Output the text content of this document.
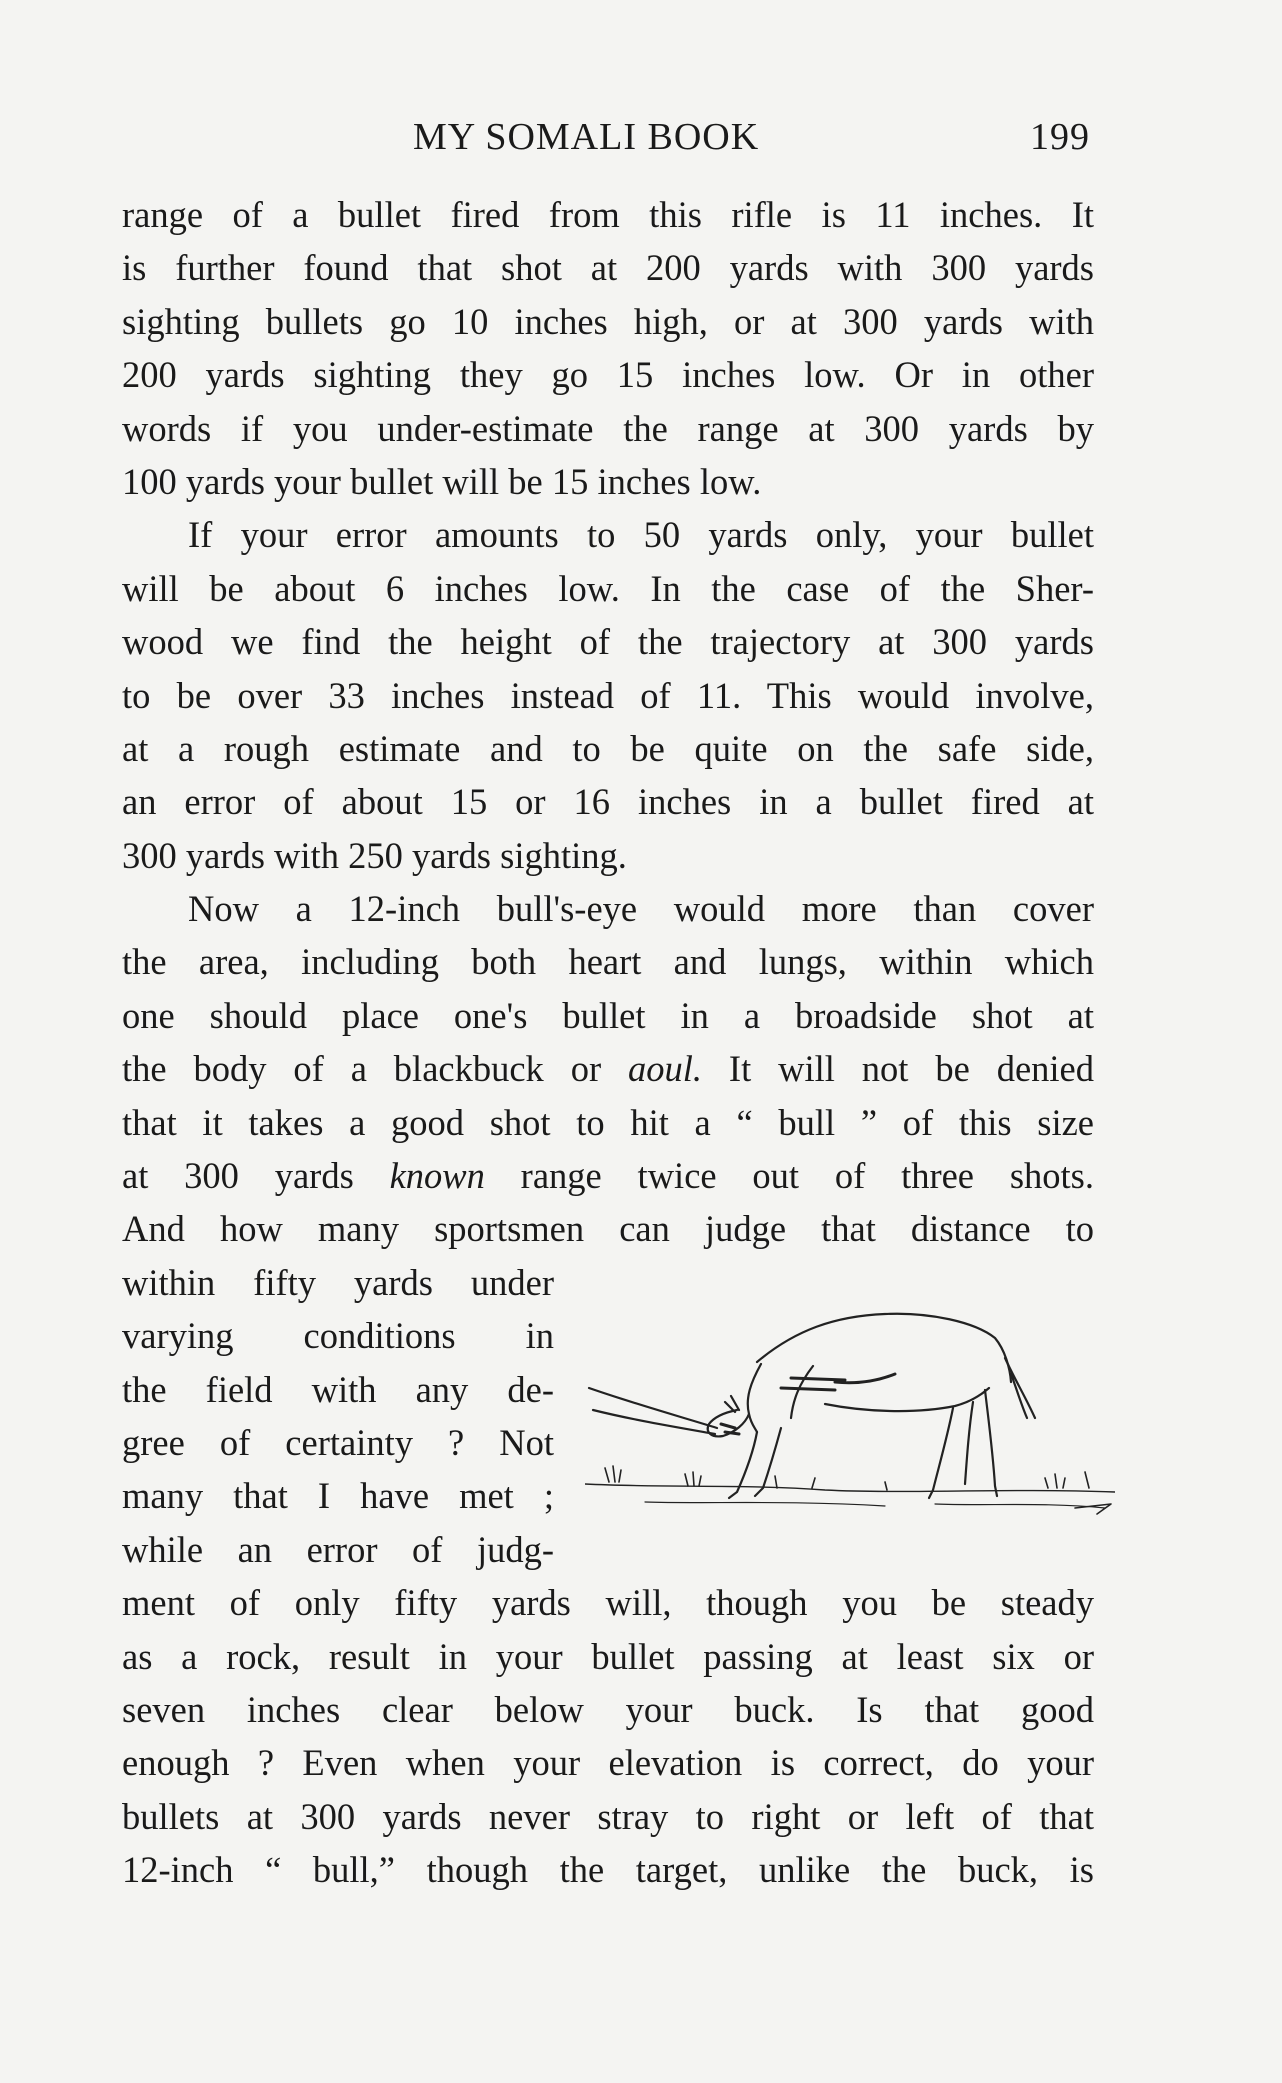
MY SOMALI BOOK	199
range of a bullet fired from this rifle is 11 inches. It
is further found that shot at 200 yards with 300 yards
sighting bullets go 10 inches high, or at 300 yards with
200 yards sighting they go 15 inches low. Or in other
words if you under-estimate the range at 300 yards by
100 yards your bullet will be 15 inches low.
If your error amounts to 50 yards only, your bullet
will be about 6 inches low. In the case of the Sher-
wood we find the height of the trajectory at 300 yards
to be over 33 inches instead of 11. This would involve,
at a rough estimate and to be quite on the safe side,
an error of about 15 or 16 inches in a bullet fired at
300 yards with 250 yards sighting.
Now a 12-inch bull's-eye would more than cover
the area, including both heart and lungs, within which
one should place one's bullet in a broadside shot at
the body of a blackbuck or aoul. It will not be denied
that it takes a good shot to hit a “ bull ” of this size
at 300 yards known range twice out of three shots.
And how many sportsmen can judge that distance to
within fifty yards under
varying conditions in
the field with any de-
gree of certainty ? Not
many that I have met ;
while an error of judg-
ment of only fifty yards will, though you be steady
as a rock, result in your bullet passing at least six or
seven inches clear below your buck. Is that good
enough ? Even when your elevation is correct, do your
bullets at 300 yards never stray to right or left of that
12-inch “ bull,” though the target, unlike the buck, is
